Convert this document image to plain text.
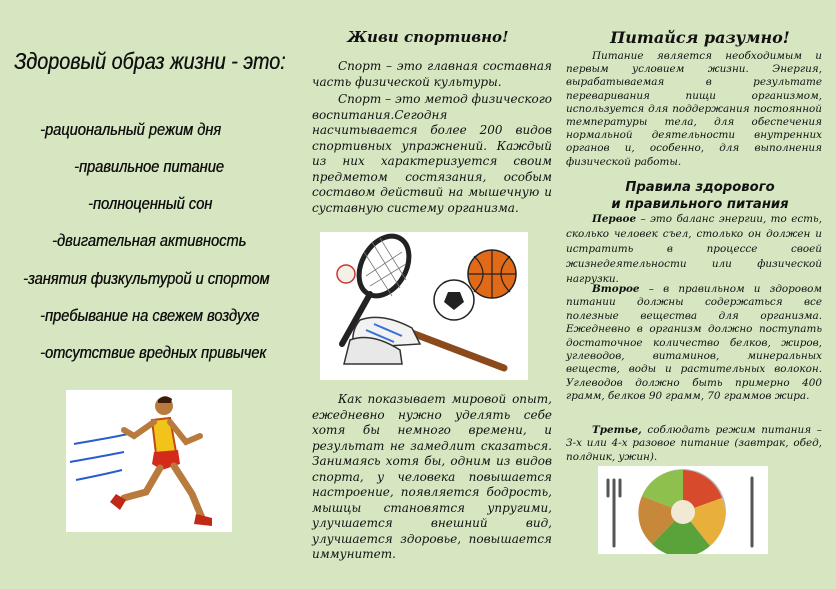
Здоровый образ жизни - это:
-рациональный режим дня
-правильное питание
-полноценный сон
-двигательная активность
-занятия физкультурой и спортом
-пребывание на свежем воздухе
-отсутствие вредных привычек
Живи спортивно!

Спорт – это главная составная часть физической культуры.

Спорт – это метод физического воспитания.Сегодня насчитывается более 200 видов спортивных упражнений. Каждый из них характеризуется своим предметом состязания, особым составом действий на мышечную и суставную систему организма.

Как показывает мировой опыт, ежедневно нужно уделять себе хотя бы немного времени, и результат не замедлит сказаться. Занимаясь хотя бы, одним из видов спорта, у человека повышается настроение, появляется бодрость, мышцы становятся упругими, улучшается внешний вид, улучшается здоровье, повышается иммунитет.

Питайся разумно!

Питание является необходимым и первым условием жизни. Энергия, вырабатываемая в результате переваривания пищи организмом, используется для поддержания постоянной температуры тела, для обеспечения нормальной деятельности внутренних органов и, особенно, для выполнения физической работы.

Правила здорового
и правильного питания

Первое – это баланс энергии, то есть, сколько человек съел, столько он должен и истратить в процессе своей жизнедеятельности или физической нагрузки.

Второе – в правильном и здоровом питании должны содержаться все полезные вещества для организма. Ежедневно в организм должно поступать достаточное количество белков, жиров, углеводов, витаминов, минеральных веществ, воды и растительных волокон. Углеводов должно быть примерно 400 грамм, белков 90 грамм, 70 граммов жира.

Третье, соблюдать режим питания – 3-х или 4-х разовое питание (завтрак, обед, полдник, ужин).
